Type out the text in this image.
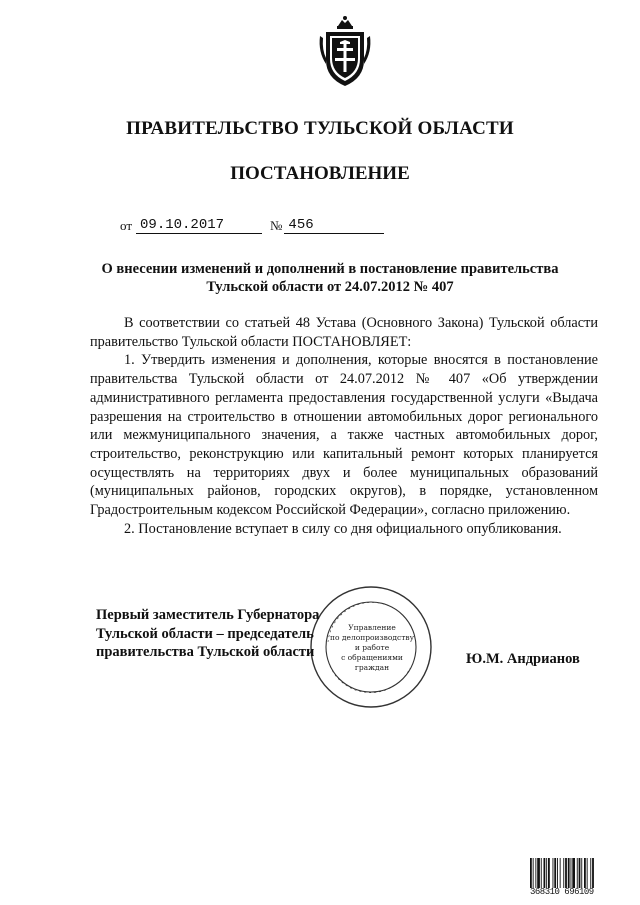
ПРАВИТЕЛЬСТВО ТУЛЬСКОЙ ОБЛАСТИ
ПОСТАНОВЛЕНИЕ
от 09.10.2017	№ 456
О внесении изменений и дополнений в постановление правительства Тульской области от 24.07.2012 № 407

В соответствии со статьей 48 Устава (Основного Закона) Тульской области правительство Тульской области ПОСТАНОВЛЯЕТ:

1. Утвердить изменения и дополнения, которые вносятся в постановление правительства Тульской области от 24.07.2012 № 407 «Об утверждении административного регламента предоставления государственной услуги «Выдача разрешения на строительство в отношении автомобильных дорог регионального или межмуниципального значения, а также частных автомобильных дорог, строительство, реконструкцию или капитальный ремонт которых планируется осуществлять на территориях двух и более муниципальных образований (муниципальных районов, городских округов), в порядке, установленном Градостроительным кодексом Российской Федерации», согласно приложению.

2. Постановление вступает в силу со дня официального опубликования.

Управление
по делопроизводству
и работе
с обращениями
граждан
Первый заместитель Губернатора
Тульской области – председатель
правительства Тульской области	Ю.М. Андрианов
368310 696109
